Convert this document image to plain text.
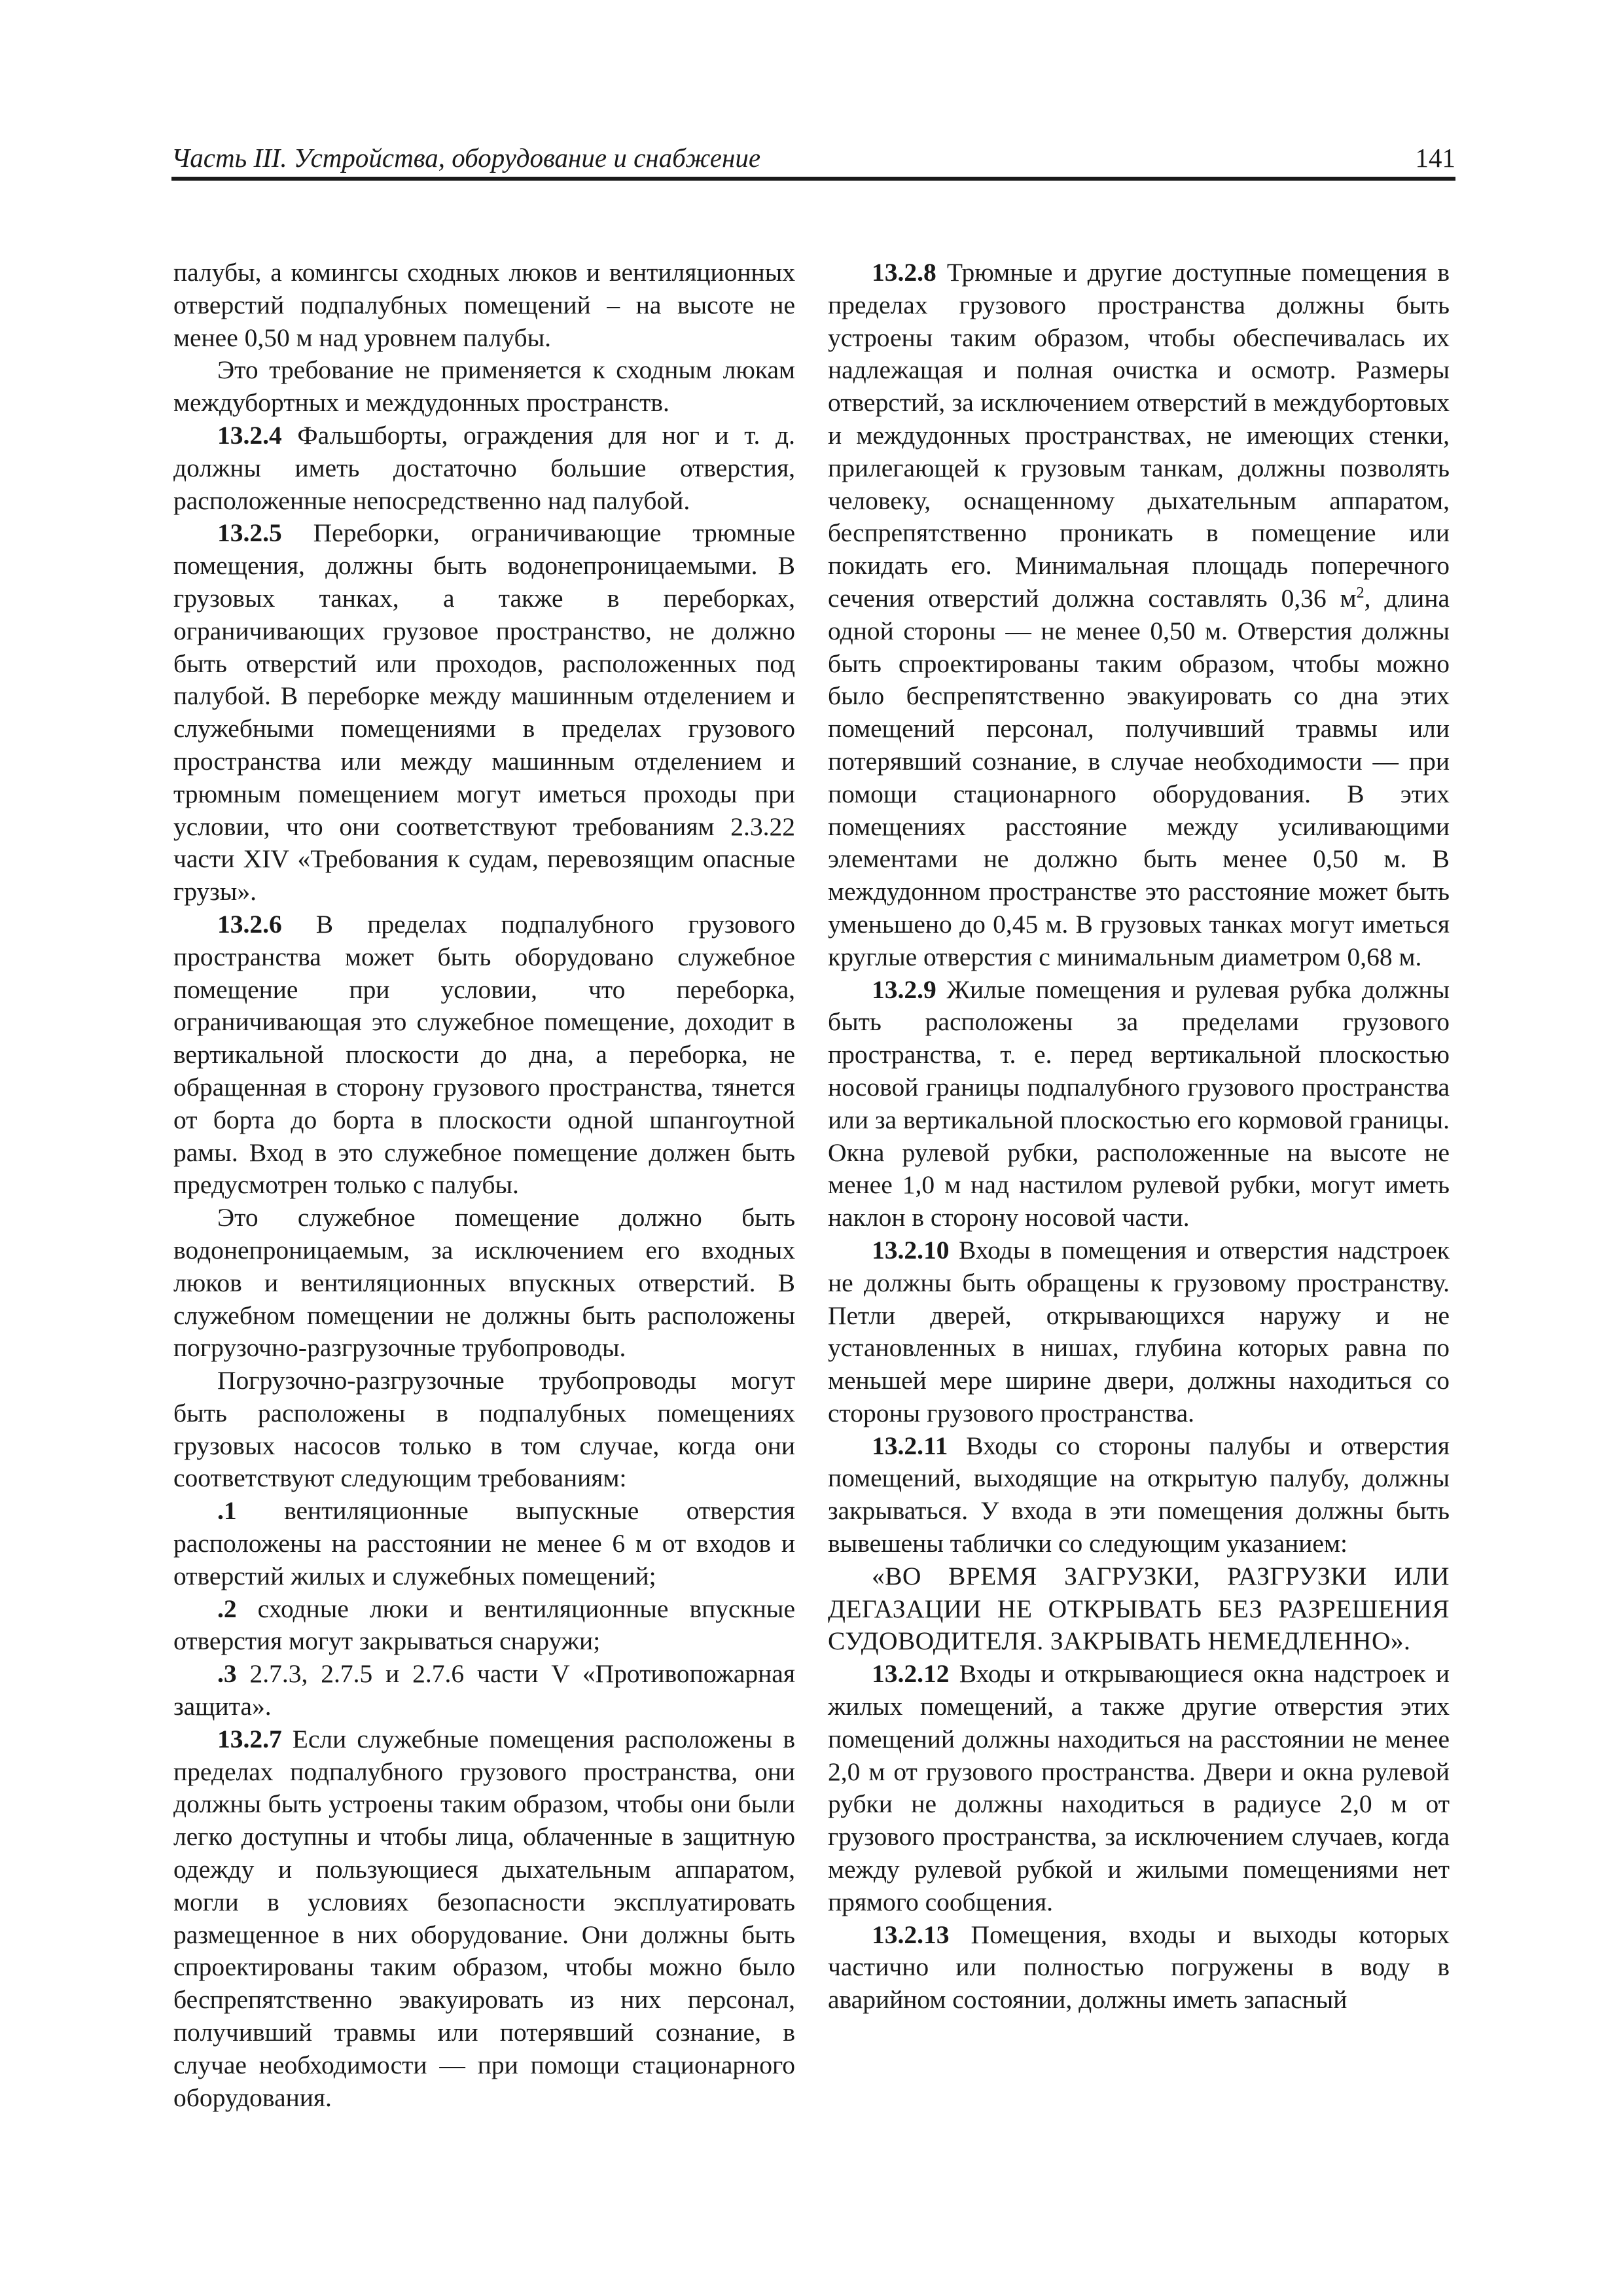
Часть III. Устройства, оборудование и снабжение	141

палубы, а комингсы сходных люков и вентиляционных отверстий подпалубных помещений – на высоте не менее 0,50 м над уровнем палубы.

Это требование не применяется к сходным люкам междубортных и междудонных пространств.

13.2.4 Фальшборты, ограждения для ног и т. д. должны иметь достаточно большие отверстия, расположенные непосредственно над палубой.

13.2.5 Переборки, ограничивающие трюмные помещения, должны быть водонепроницаемыми. В грузовых танках, а также в переборках, ограничивающих грузовое пространство, не должно быть отверстий или проходов, расположенных под палубой. В переборке между машинным отделением и служебными помещениями в пределах грузового пространства или между машинным отделением и трюмным помещением могут иметься проходы при условии, что они соответствуют требованиям 2.3.22 части XIV «Требования к судам, перевозящим опасные грузы».

13.2.6 В пределах подпалубного грузового пространства может быть оборудовано служебное помещение при условии, что переборка, ограничивающая это служебное помещение, доходит в вертикальной плоскости до дна, а переборка, не обращенная в сторону грузового пространства, тянется от борта до борта в плоскости одной шпангоутной рамы. Вход в это служебное помещение должен быть предусмотрен только с палубы.

Это служебное помещение должно быть водонепроницаемым, за исключением его входных люков и вентиляционных впускных отверстий. В служебном помещении не должны быть расположены погрузочно-разгрузочные трубопроводы.

Погрузочно-разгрузочные трубопроводы могут быть расположены в подпалубных помещениях грузовых насосов только в том случае, когда они соответствуют следующим требованиям:

.1 вентиляционные выпускные отверстия расположены на расстоянии не менее 6 м от входов и отверстий жилых и служебных помещений;

.2 сходные люки и вентиляционные впускные отверстия могут закрываться снаружи;

.3 2.7.3, 2.7.5 и 2.7.6 части V «Противопожарная защита».

13.2.7 Если служебные помещения расположены в пределах подпалубного грузового пространства, они должны быть устроены таким образом, чтобы они были легко доступны и чтобы лица, облаченные в защитную одежду и пользующиеся дыхательным аппаратом, могли в условиях безопасности эксплуатировать размещенное в них оборудование. Они должны быть спроектированы таким образом, чтобы можно было беспрепятственно эвакуировать из них персонал, получивший травмы или потерявший сознание, в случае необходимости — при помощи стационарного оборудования.

13.2.8 Трюмные и другие доступные помещения в пределах грузового пространства должны быть устроены таким образом, чтобы обеспечивалась их надлежащая и полная очистка и осмотр. Размеры отверстий, за исключением отверстий в междубортовых и междудонных пространствах, не имеющих стенки, прилегающей к грузовым танкам, должны позволять человеку, оснащенному дыхательным аппаратом, беспрепятственно проникать в помещение или покидать его. Минимальная площадь поперечного сечения отверстий должна составлять 0,36 $м^2$, длина одной стороны — не менее 0,50 м. Отверстия должны быть спроектированы таким образом, чтобы можно было беспрепятственно эвакуировать со дна этих помещений персонал, получивший травмы или потерявший сознание, в случае необходимости — при помощи стационарного оборудования. В этих помещениях расстояние между усиливающими элементами не должно быть менее 0,50 м. В междудонном пространстве это расстояние может быть уменьшено до 0,45 м. В грузовых танках могут иметься круглые отверстия с минимальным диаметром 0,68 м.

13.2.9 Жилые помещения и рулевая рубка должны быть расположены за пределами грузового пространства, т. е. перед вертикальной плоскостью носовой границы подпалубного грузового пространства или за вертикальной плоскостью его кормовой границы. Окна рулевой рубки, расположенные на высоте не менее 1,0 м над настилом рулевой рубки, могут иметь наклон в сторону носовой части.

13.2.10 Входы в помещения и отверстия надстроек не должны быть обращены к грузовому пространству. Петли дверей, открывающихся наружу и не установленных в нишах, глубина которых равна по меньшей мере ширине двери, должны находиться со стороны грузового пространства.

13.2.11 Входы со стороны палубы и отверстия помещений, выходящие на открытую палубу, должны закрываться. У входа в эти помещения должны быть вывешены таблички со следующим указанием:

«ВО ВРЕМЯ ЗАГРУЗКИ, РАЗГРУЗКИ ИЛИ ДЕГАЗАЦИИ НЕ ОТКРЫВАТЬ БЕЗ РАЗРЕШЕНИЯ СУДОВОДИТЕЛЯ. ЗАКРЫВАТЬ НЕМЕДЛЕННО».

13.2.12 Входы и открывающиеся окна надстроек и жилых помещений, а также другие отверстия этих помещений должны находиться на расстоянии не менее 2,0 м от грузового пространства. Двери и окна рулевой рубки не должны находиться в радиусе 2,0 м от грузового пространства, за исключением случаев, когда между рулевой рубкой и жилыми помещениями нет прямого сообщения.

13.2.13 Помещения, входы и выходы которых частично или полностью погружены в воду в аварийном состоянии, должны иметь запасный
